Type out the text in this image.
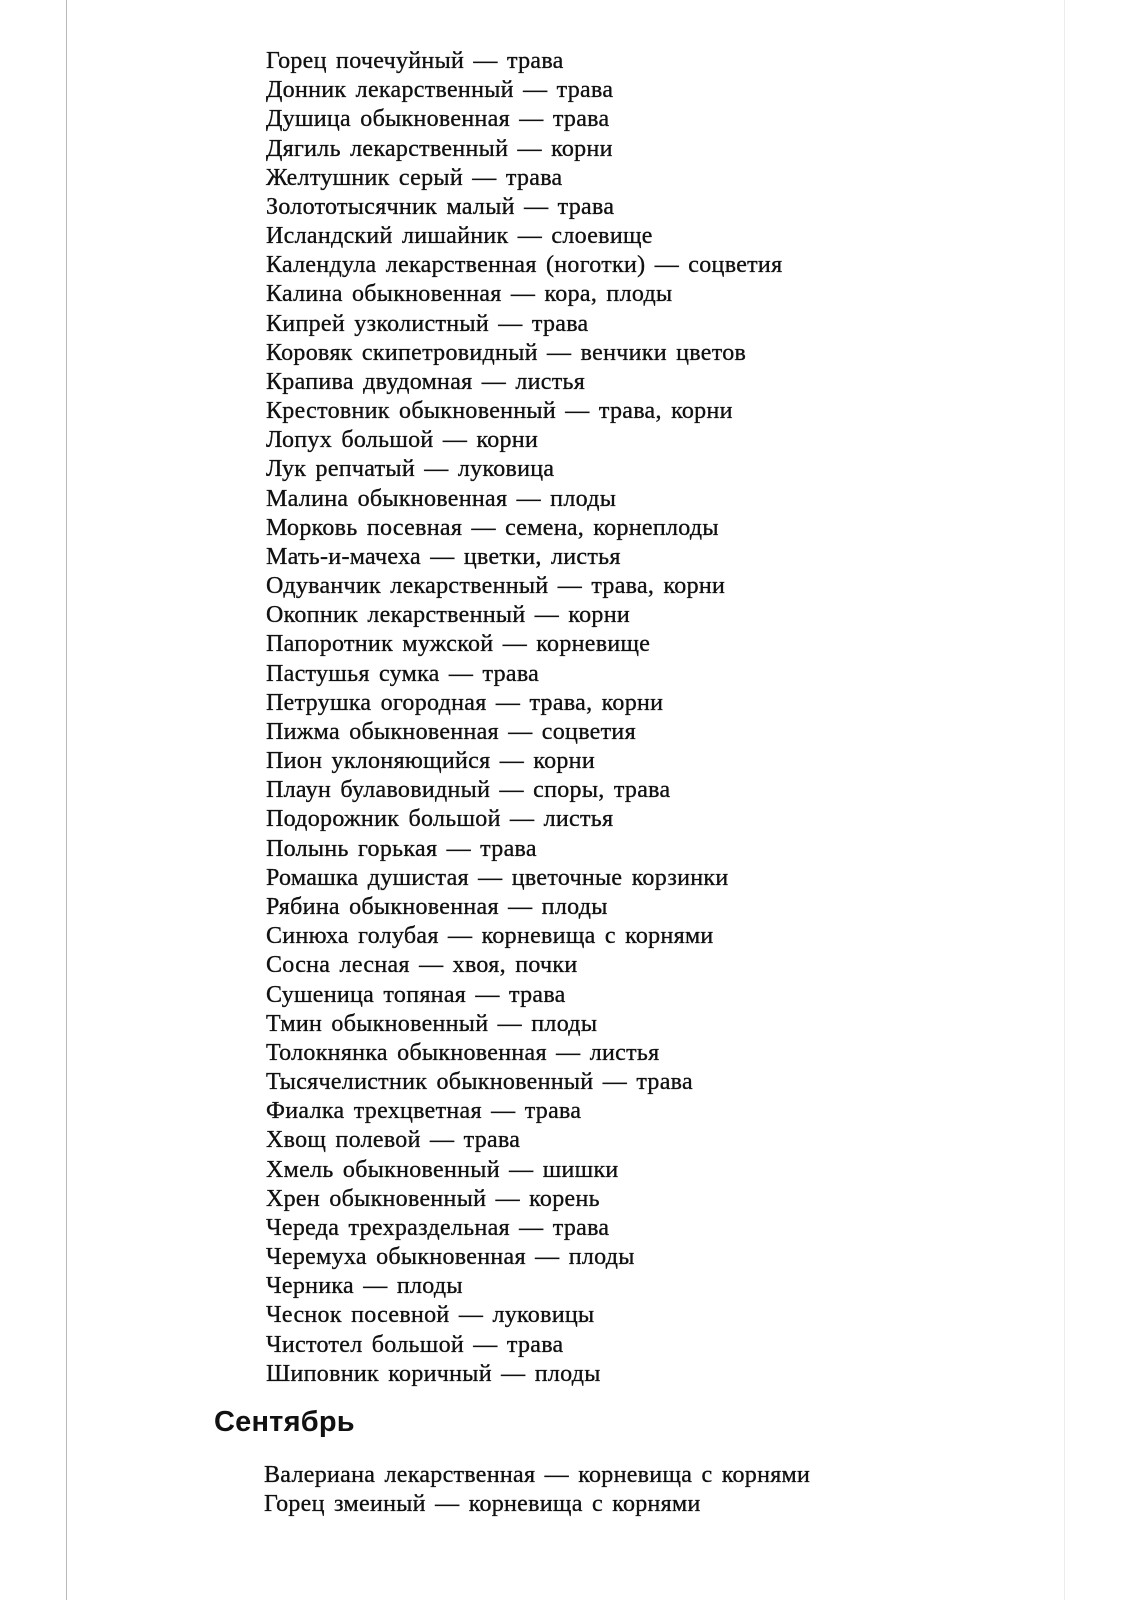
Горец почечуйный — трава
Донник лекарственный — трава
Душица обыкновенная — трава
Дягиль лекарственный — корни
Желтушник серый — трава
Золототысячник малый — трава
Исландский лишайник — слоевище
Календула лекарственная (ноготки) — соцветия
Калина обыкновенная — кора, плоды
Кипрей узколистный — трава
Коровяк скипетровидный — венчики цветов
Крапива двудомная — листья
Крестовник обыкновенный — трава, корни
Лопух большой — корни
Лук репчатый — луковица
Малина обыкновенная — плоды
Морковь посевная — семена, корнеплоды
Мать-и-мачеха — цветки, листья
Одуванчик лекарственный — трава, корни
Окопник лекарственный — корни
Папоротник мужской — корневище
Пастушья сумка — трава
Петрушка огородная — трава, корни
Пижма обыкновенная — соцветия
Пион уклоняющийся — корни
Плаун булавовидный — споры, трава
Подорожник большой — листья
Полынь горькая — трава
Ромашка душистая — цветочные корзинки
Рябина обыкновенная — плоды
Синюха голубая — корневища с корнями
Сосна лесная — хвоя, почки
Сушеница топяная — трава
Тмин обыкновенный — плоды
Толокнянка обыкновенная — листья
Тысячелистник обыкновенный — трава
Фиалка трехцветная — трава
Хвощ полевой — трава
Хмель обыкновенный — шишки
Хрен обыкновенный — корень
Череда трехраздельная — трава
Черемуха обыкновенная — плоды
Черника — плоды
Чеснок посевной — луковицы
Чистотел большой — трава
Шиповник коричный — плоды
Сентябрь
Валериана лекарственная — корневища с корнями
Горец змеиный — корневища с корнями
